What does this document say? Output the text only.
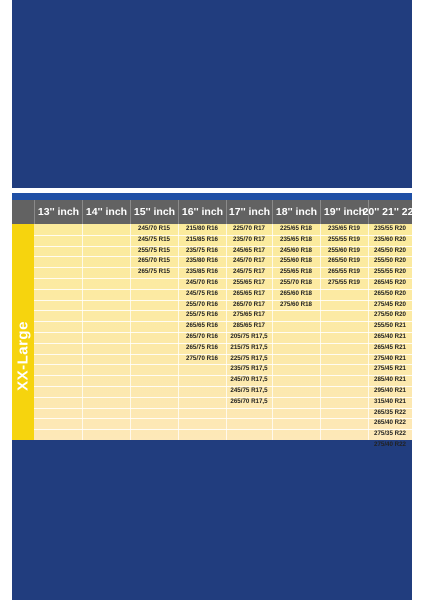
13'' inch 14'' inch 15'' inch 16'' inch 17'' inch 18'' inch 19'' inch
20'' 21'' 22''
XX-Large
245/70 R15
245/75 R15
255/75 R15
265/70 R15
265/75 R15
215/80 R16
215/85 R16
235/75 R16
235/80 R16
235/85 R16
245/70 R16
245/75 R16
255/70 R16
255/75 R16
265/65 R16
265/70 R16
265/75 R16
275/70 R16
225/70 R17
235/70 R17
245/65 R17
245/70 R17
245/75 R17
255/65 R17
265/65 R17
265/70 R17
275/65 R17
285/65 R17
205/75 R17,5
215/75 R17,5
225/75 R17,5
235/75 R17,5
245/70 R17,5
245/75 R17,5
265/70 R17,5
225/65 R18
235/65 R18
245/60 R18
255/60 R18
255/65 R18
255/70 R18
265/60 R18
275/60 R18
235/65 R19
255/55 R19
255/60 R19
265/50 R19
265/55 R19
275/55 R19
235/55 R20
235/60 R20
245/50 R20
255/50 R20
255/55 R20
265/45 R20
265/50 R20
275/45 R20
275/50 R20
255/50 R21
265/40 R21
265/45 R21
275/40 R21
275/45 R21
285/40 R21
295/40 R21
315/40 R21
265/35 R22
265/40 R22
275/35 R22
275/40 R22
